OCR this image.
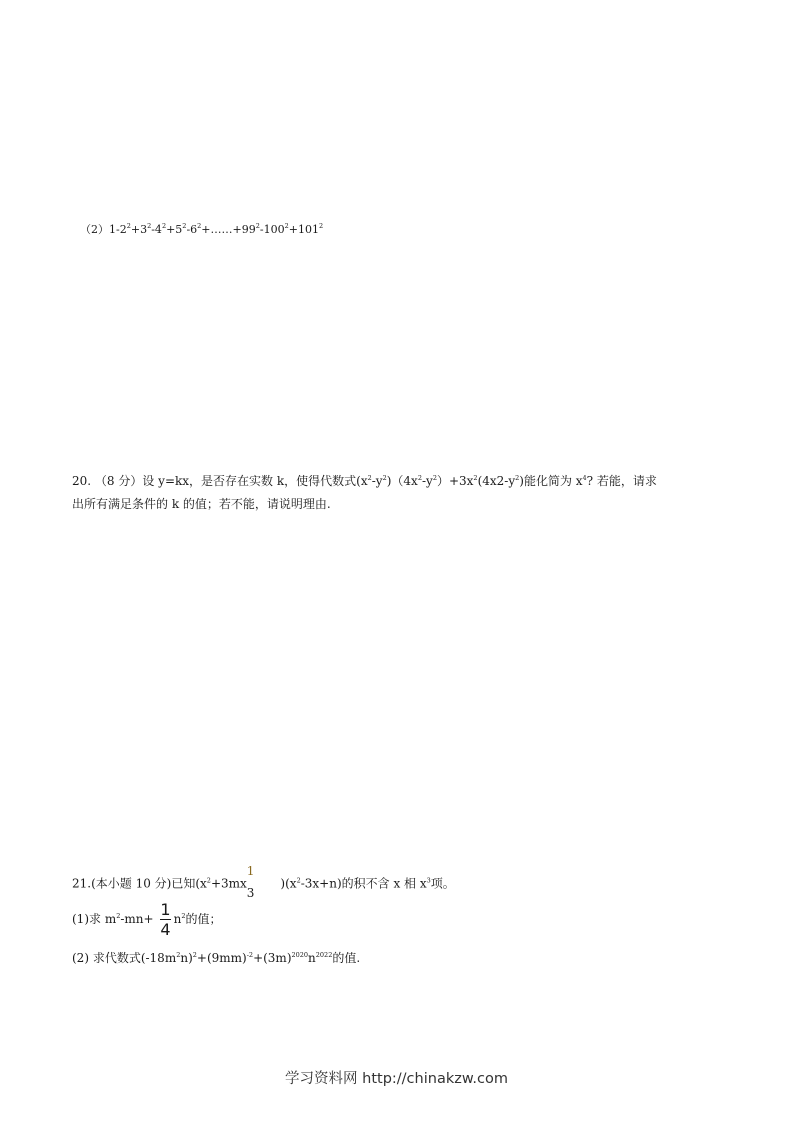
$(2)1-2^2+3^2-4^2+5^2-6^2+\dots\dots+99^2-100^2+101^2$
20. （8 分）设 y=kx，是否存在实数 k，使得代数式$(x^2-y^2)(4x^2-y^2)+3x^2(4x2-y^2)$能化简为 $x^4$? 若能，请求
出所有满足条件的 k 的值；若不能，请说明理由.
21.(本小题 10 分)已知($x^2+3mx$
1
3
)$(x^2-3x+n)$的积不含 x 相 $x^3$项。
(1)求 $m^2-mn+ \frac{1}{4} n^2$的值；
(2) 求代数式$(-18m^2n)^2+(9mm)^{-2}+(3m)^{2020}n^{2022}$的值.
学习资料网 http://chinakzw.com
